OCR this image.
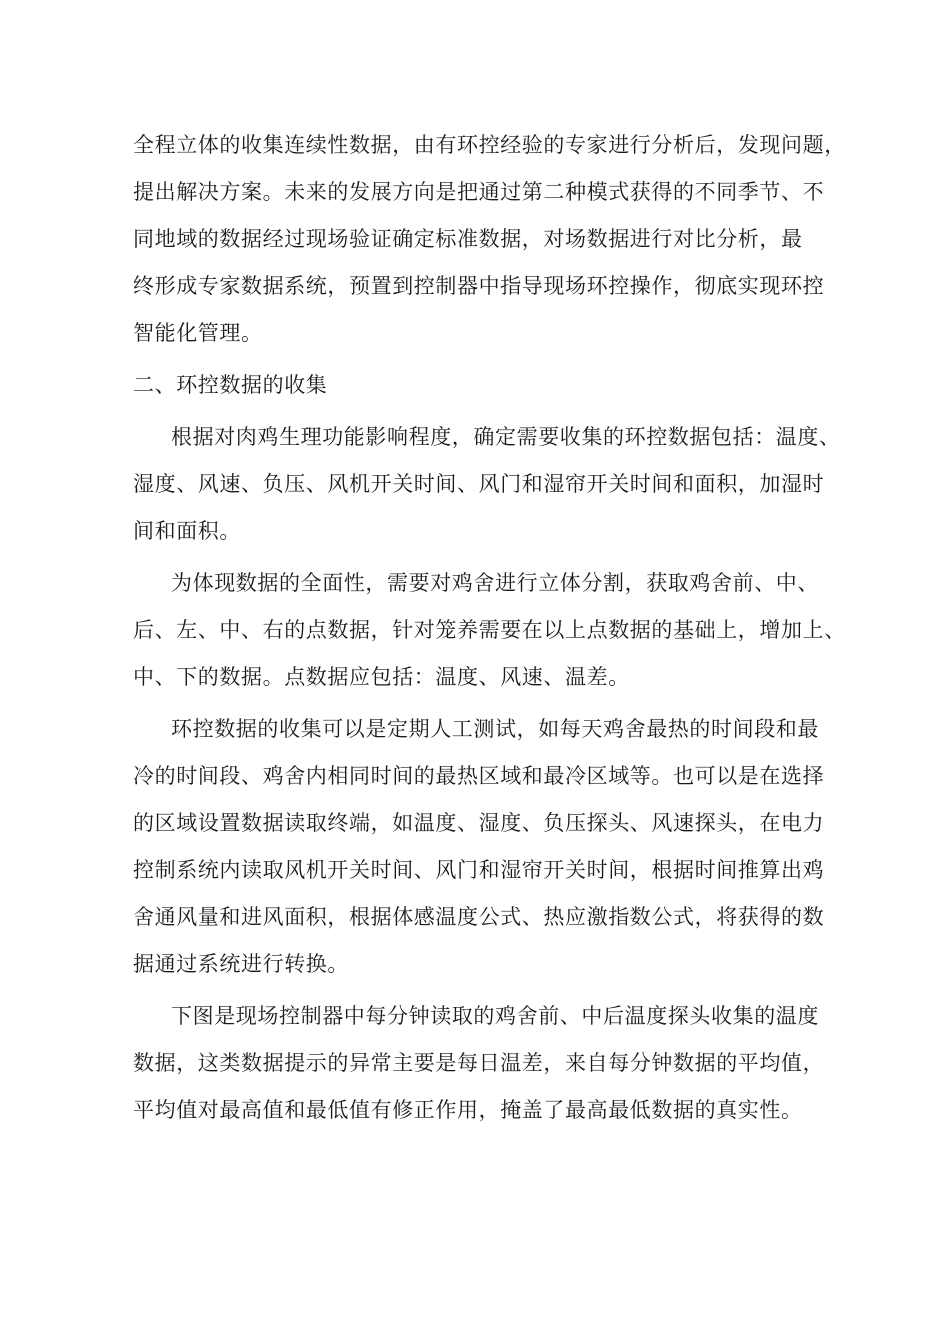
全程立体的收集连续性数据，由有环控经验的专家进行分析后，发现问题，
提出解决方案。未来的发展方向是把通过第二种模式获得的不同季节、不
同地域的数据经过现场验证确定标准数据，对场数据进行对比分析，最
终形成专家数据系统，预置到控制器中指导现场环控操作，彻底实现环控
智能化管理。
二、环控数据的收集
根据对肉鸡生理功能影响程度，确定需要收集的环控数据包括：温度、
湿度、风速、负压、风机开关时间、风门和湿帘开关时间和面积，加湿时
间和面积。
为体现数据的全面性，需要对鸡舍进行立体分割，获取鸡舍前、中、
后、左、中、右的点数据，针对笼养需要在以上点数据的基础上，增加上、
中、下的数据。点数据应包括：温度、风速、温差。
环控数据的收集可以是定期人工测试，如每天鸡舍最热的时间段和最
冷的时间段、鸡舍内相同时间的最热区域和最冷区域等。也可以是在选择
的区域设置数据读取终端，如温度、湿度、负压探头、风速探头，在电力
控制系统内读取风机开关时间、风门和湿帘开关时间，根据时间推算出鸡
舍通风量和进风面积，根据体感温度公式、热应激指数公式，将获得的数
据通过系统进行转换。
下图是现场控制器中每分钟读取的鸡舍前、中后温度探头收集的温度
数据，这类数据提示的异常主要是每日温差，来自每分钟数据的平均值，
平均值对最高值和最低值有修正作用，掩盖了最高最低数据的真实性。
